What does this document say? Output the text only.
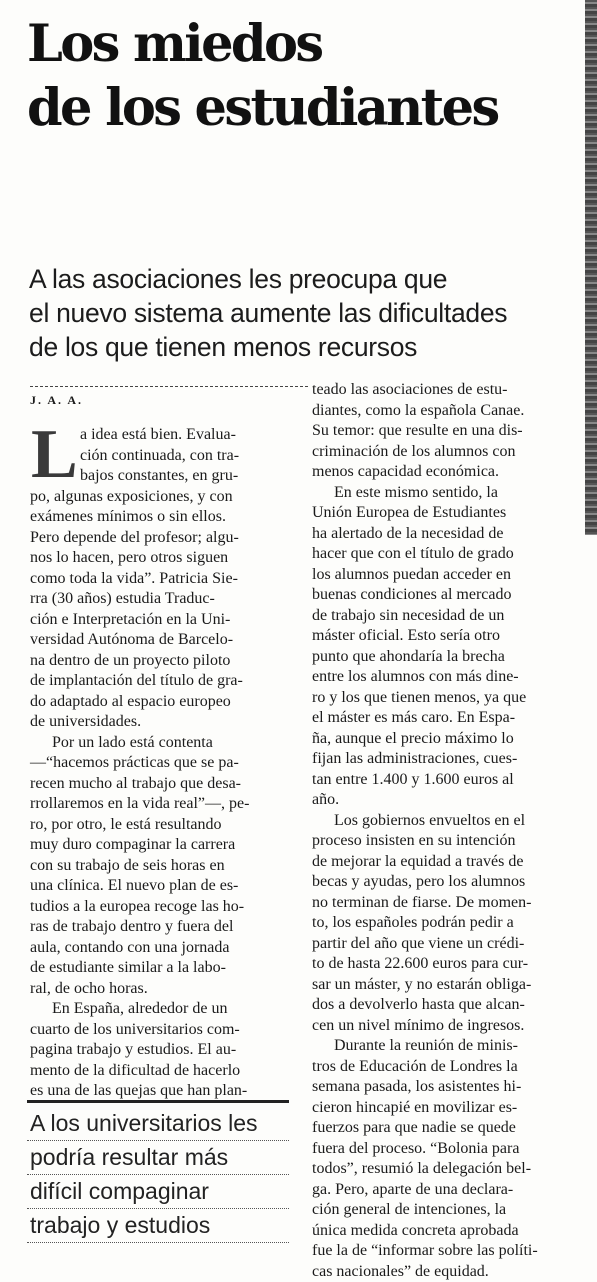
Los miedos
de los estudiantes
A las asociaciones les preocupa que
el nuevo sistema aumente las dificultades
de los que tienen menos recursos
J. A. A.
L a idea está bien. Evalua-
ción continuada, con tra-
bajos constantes, en gru-
po, algunas exposiciones, y con
exámenes mínimos o sin ellos.
Pero depende del profesor; algu-
nos lo hacen, pero otros siguen
como toda la vida”. Patricia Sie-
rra (30 años) estudia Traduc-
ción e Interpretación en la Uni-
versidad Autónoma de Barcelo-
na dentro de un proyecto piloto
de implantación del título de gra-
do adaptado al espacio europeo
de universidades.
Por un lado está contenta
—“hacemos prácticas que se pa-
recen mucho al trabajo que desa-
rrollaremos en la vida real”—, pe-
ro, por otro, le está resultando
muy duro compaginar la carrera
con su trabajo de seis horas en
una clínica. El nuevo plan de es-
tudios a la europea recoge las ho-
ras de trabajo dentro y fuera del
aula, contando con una jornada
de estudiante similar a la labo-
ral, de ocho horas.
En España, alrededor de un
cuarto de los universitarios com-
pagina trabajo y estudios. El au-
mento de la dificultad de hacerlo
es una de las quejas que han plan-
teado las asociaciones de estu-
diantes, como la española Canae.
Su temor: que resulte en una dis-
criminación de los alumnos con
menos capacidad económica.
En este mismo sentido, la
Unión Europea de Estudiantes
ha alertado de la necesidad de
hacer que con el título de grado
los alumnos puedan acceder en
buenas condiciones al mercado
de trabajo sin necesidad de un
máster oficial. Esto sería otro
punto que ahondaría la brecha
entre los alumnos con más dine-
ro y los que tienen menos, ya que
el máster es más caro. En Espa-
ña, aunque el precio máximo lo
fijan las administraciones, cues-
tan entre 1.400 y 1.600 euros al
año.
Los gobiernos envueltos en el
proceso insisten en su intención
de mejorar la equidad a través de
becas y ayudas, pero los alumnos
no terminan de fiarse. De momen-
to, los españoles podrán pedir a
partir del año que viene un crédi-
to de hasta 22.600 euros para cur-
sar un máster, y no estarán obliga-
dos a devolverlo hasta que alcan-
cen un nivel mínimo de ingresos.
Durante la reunión de minis-
tros de Educación de Londres la
semana pasada, los asistentes hi-
cieron hincapié en movilizar es-
fuerzos para que nadie se quede
fuera del proceso. “Bolonia para
todos”, resumió la delegación bel-
ga. Pero, aparte de una declara-
ción general de intenciones, la
única medida concreta aprobada
fue la de “informar sobre las políti-
cas nacionales” de equidad.
A los universitarios les
podría resultar más
difícil compaginar
trabajo y estudios
